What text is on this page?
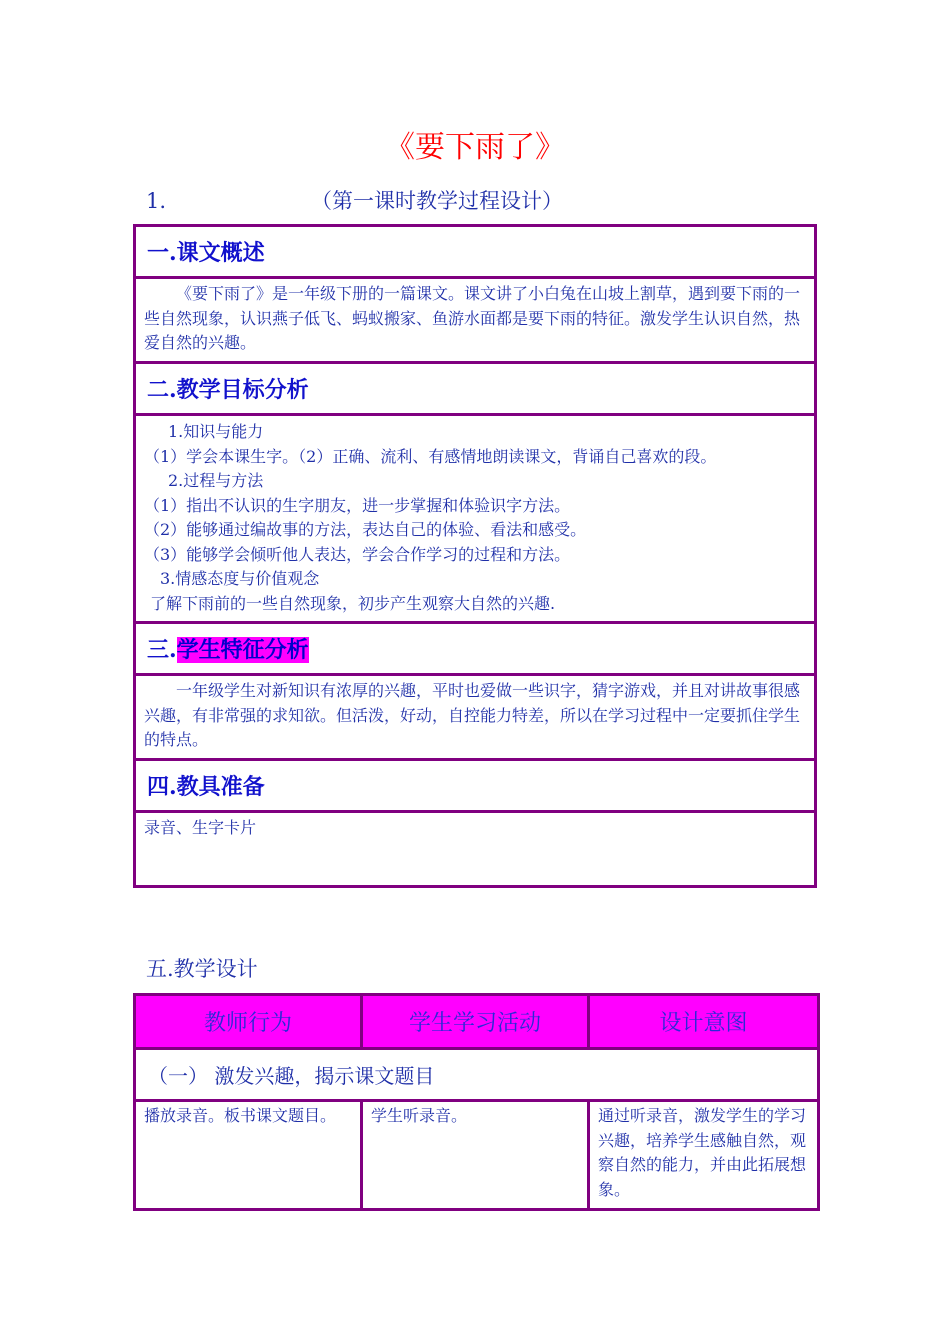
《要下雨了》
1.	（第一课时教学过程设计）
一.课文概述

《要下雨了》是一年级下册的一篇课文。课文讲了小白兔在山坡上割草，遇到要下雨的一些自然现象，认识燕子低飞、蚂蚁搬家、鱼游水面都是要下雨的特征。激发学生认识自然，热爱自然的兴趣。

二.教学目标分析

1.知识与能力
（1）学会本课生字。（2）正确、流利、有感情地朗读课文，背诵自己喜欢的段。
2.过程与方法
（1）指出不认识的生字朋友，进一步掌握和体验识字方法。
（2）能够通过编故事的方法，表达自己的体验、看法和感受。
（3）能够学会倾听他人表达，学会合作学习的过程和方法。
3.情感态度与价值观念
了解下雨前的一些自然现象，初步产生观察大自然的兴趣.

三.学生特征分析

一年级学生对新知识有浓厚的兴趣，平时也爱做一些识字，猜字游戏，并且对讲故事很感兴趣，有非常强的求知欲。但活泼，好动，自控能力特差，所以在学习过程中一定要抓住学生的特点。

四.教具准备
录音、生字卡片
五.教学设计
教师行为	学生学习活动	设计意图
（一） 激发兴趣，揭示课文题目		
播放录音。板书课文题目。	学生听录音。	通过听录音，激发学生的学习兴趣，培养学生感触自然，观察自然的能力，并由此拓展想象。
